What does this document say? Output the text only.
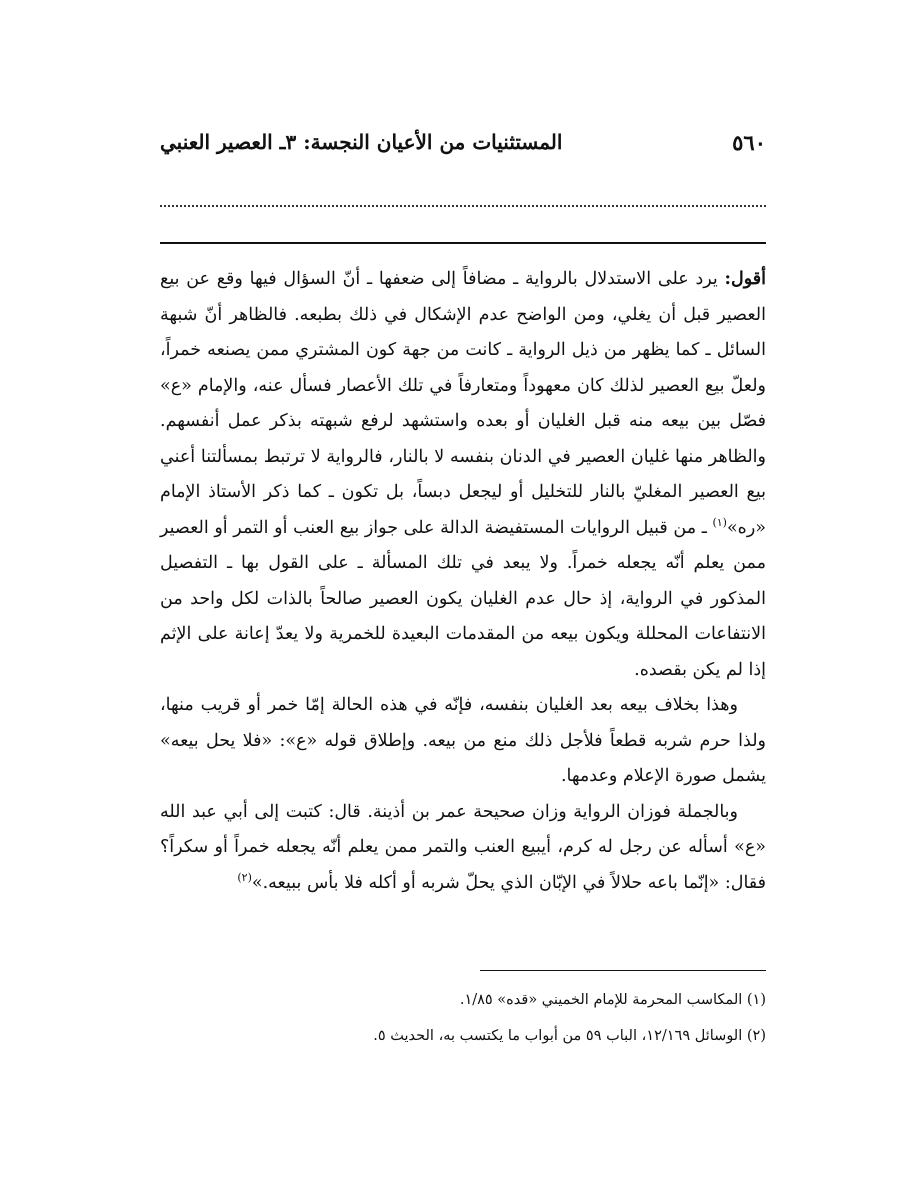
٥٦٠
المستثنيات من الأعيان النجسة: ٣ـ العصير العنبي

أقول: يرد على الاستدلال بالرواية ـ مضافاً إلى ضعفها ـ أنّ السؤال فيها وقع عن بيع العصير قبل أن يغلي، ومن الواضح عدم الإشكال في ذلك بطبعه. فالظاهر أنّ شبهة السائل ـ كما يظهر من ذيل الرواية ـ كانت من جهة كون المشتري ممن يصنعه خمراً، ولعلّ بيع العصير لذلك كان معهوداً ومتعارفاً في تلك الأعصار فسأل عنه، والإمام «ع» فصّل بين بيعه منه قبل الغليان أو بعده واستشهد لرفع شبهته بذكر عمل أنفسهم. والظاهر منها غليان العصير في الدنان بنفسه لا بالنار، فالرواية لا ترتبط بمسألتنا أعني بيع العصير المغليّ بالنار للتخليل أو ليجعل دبساً، بل تكون ـ كما ذكر الأستاذ الإمام «ره»$^{(١)}$ ـ من قبيل الروايات المستفيضة الدالة على جواز بيع العنب أو التمر أو العصير ممن يعلم أنّه يجعله خمراً. ولا يبعد في تلك المسألة ـ على القول بها ـ التفصيل المذكور في الرواية، إذ حال عدم الغليان يكون العصير صالحاً بالذات لكل واحد من الانتفاعات المحللة ويكون بيعه من المقدمات البعيدة للخمرية ولا يعدّ إعانة على الإثم إذا لم يكن بقصده.

وهذا بخلاف بيعه بعد الغليان بنفسه، فإنّه في هذه الحالة إمّا خمر أو قريب منها، ولذا حرم شربه قطعاً فلأجل ذلك منع من بيعه. وإطلاق قوله «ع»: «فلا يحل بيعه» يشمل صورة الإعلام وعدمها.

وبالجملة فوزان الرواية وزان صحيحة عمر بن أذينة. قال: كتبت إلى أبي عبد الله «ع» أسأله عن رجل له كرم، أيبيع العنب والتمر ممن يعلم أنّه يجعله خمراً أو سكراً؟ فقال: «إنّما باعه حلالاً في الإبّان الذي يحلّ شربه أو أكله فلا بأس ببيعه.»$^{(٢)}$

(١) المكاسب المحرمة للإمام الخميني «قده» ١/٨٥.
(٢) الوسائل ١٢/١٦٩، الباب ٥٩ من أبواب ما يكتسب به، الحديث ٥.
